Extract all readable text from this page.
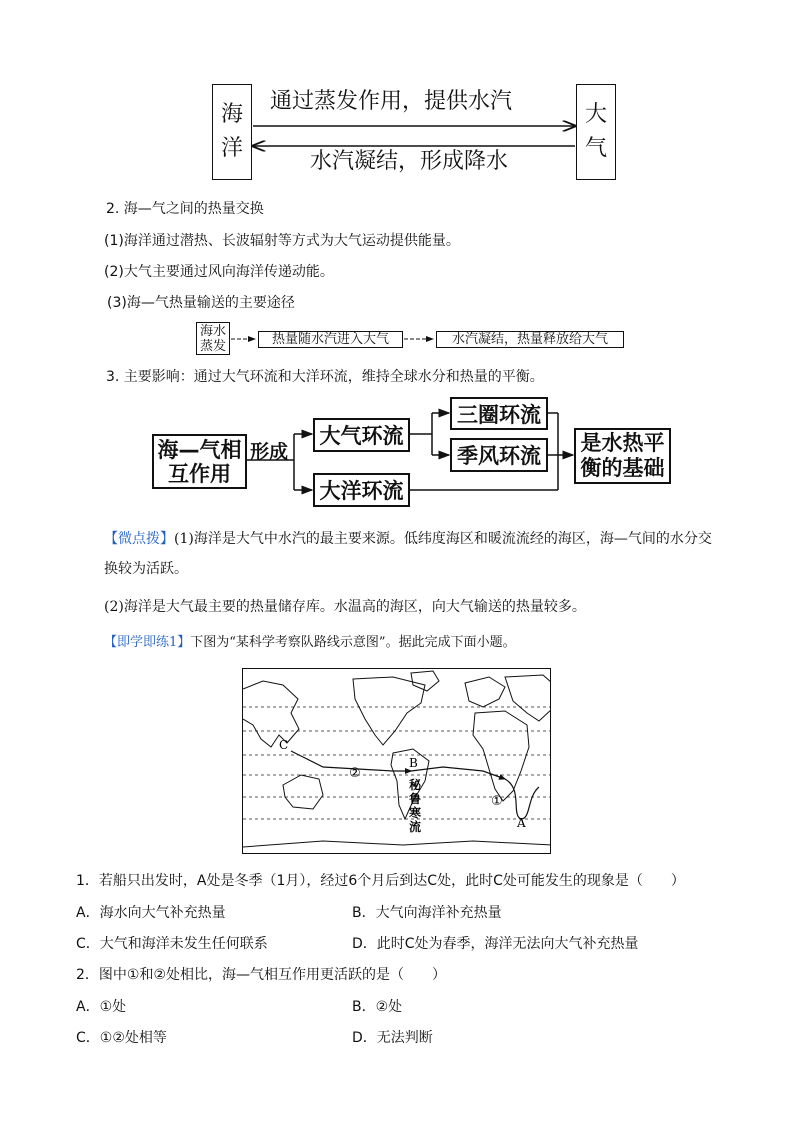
海
洋
大
气
通过蒸发作用，提供水汽
水汽凝结，形成降水
2. 海—气之间的热量交换
(1)海洋通过潜热、长波辐射等方式为大气运动提供能量。
(2)大气主要通过风向海洋传递动能。
(3)海—气热量输送的主要途径
海水蒸发	热量随水汽进入大气	水汽凝结，热量释放给大气
3. 主要影响：通过大气环流和大洋环流，维持全球水分和热量的平衡。
海—气相互作用
形成
大气环流
三圈环流
季风环流
大洋环流
是水热平衡的基础
【微点拨】(1)海洋是大气中水汽的最主要来源。低纬度海区和暖流流经的海区，海—气间的水分交
换较为活跃。
(2)海洋是大气最主要的热量储存库。水温高的海区，向大气输送的热量较多。
【即学即练1】下图为“某科学考察队路线示意图”。据此完成下面小题。
C
B
A
②
①
秘
鲁
寒
流
1．若船只出发时，A处是冬季（1月），经过6个月后到达C处，此时C处可能发生的现象是（　　）
A．海水向大气补充热量	B．大气向海洋补充热量
C．大气和海洋未发生任何联系	D．此时C处为春季，海洋无法向大气补充热量
2．图中①和②处相比，海—气相互作用更活跃的是（　　）
A．①处	B．②处
C．①②处相等	D．无法判断
